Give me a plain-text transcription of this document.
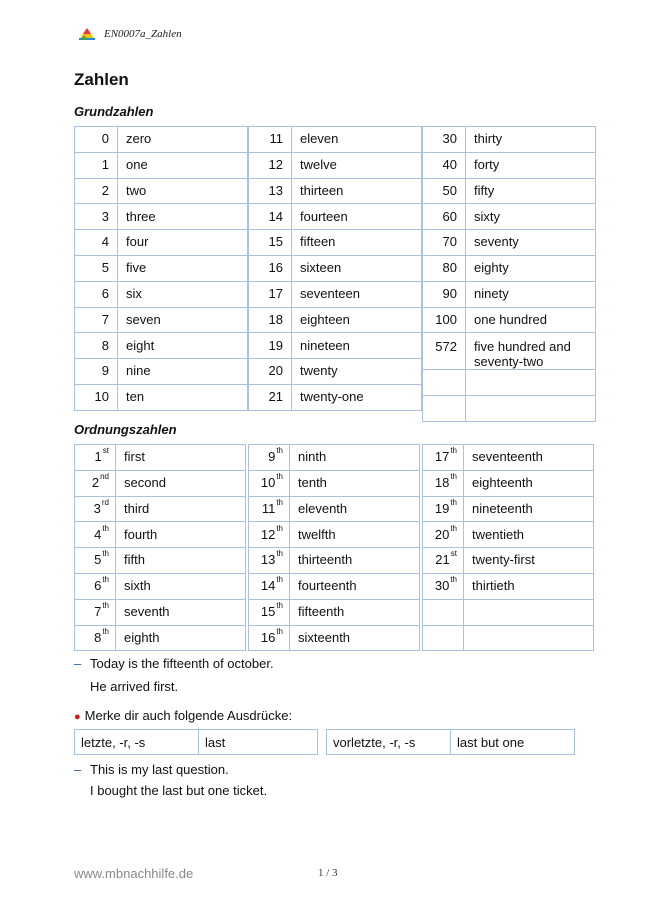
EN0007a_Zahlen
Zahlen
Grundzahlen
0	zero
1	one
2	two
3	three
4	four
5	five
6	six
7	seven
8	eight
9	nine
10	ten
11	eleven
12	twelve
13	thirteen
14	fourteen
15	fifteen
16	sixteen
17	seventeen
18	eighteen
19	nineteen
20	twenty
21	twenty-one
30	thirty
40	forty
50	fifty
60	sixty
70	seventy
80	eighty
90	ninety
100	one hundred
572	five hundred and seventy-two

Ordnungszahlen
1st	first
2nd	second
3rd	third
4th	fourth
5th	fifth
6th	sixth
7th	seventh
8th	eighth
9th	ninth
10th	tenth
11th	eleventh
12th	twelfth
13th	thirteenth
14th	fourteenth
15th	fifteenth
16th	sixteenth
17th	seventeenth
18th	eighteenth
19th	nineteenth
20th	twentieth
21st	twenty-first
30th	thirtieth

– Today is the fifteenth of october.
He arrived first.
● Merke dir auch folgende Ausdrücke:
letzte, -r, -s	last		vorletzte, -r, -s	last but one
– This is my last question.
I bought the last but one ticket.
www.mbnachhilfe.de	1 / 3
